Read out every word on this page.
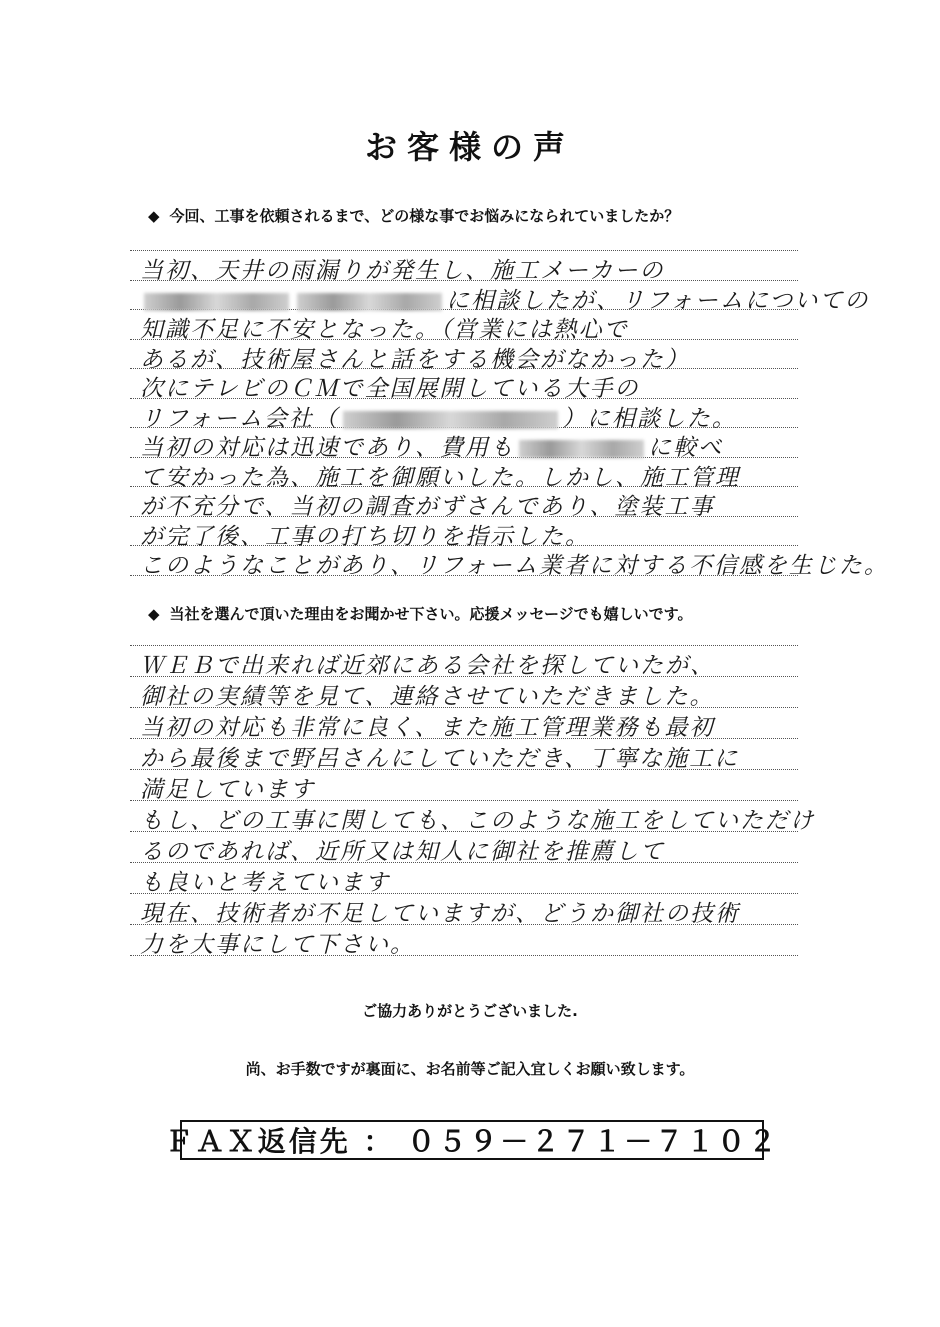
お客様の声
◆ 今回、工事を依頼されるまで、どの様な事でお悩みになられていましたか？
当初、天井の雨漏りが発生し、施工メーカーの
に相談したが、リフォームについての
知識不足に不安となった。（営業には熱心で
あるが、技術屋さんと話をする機会がなかった）
次にテレビのＣＭで全国展開している大手の
リフォーム会社（	）に相談した。
当初の対応は迅速であり、費用も	に較べ
て安かった為、施工を御願いした。しかし、施工管理
が不充分で、当初の調査がずさんであり、塗装工事
が完了後、工事の打ち切りを指示した。
このようなことがあり、リフォーム業者に対する不信感を生じた。
◆ 当社を選んで頂いた理由をお聞かせ下さい。応援メッセージでも嬉しいです。
ＷＥＢで出来れば近郊にある会社を探していたが、
御社の実績等を見て、連絡させていただきました。
当初の対応も非常に良く、また施工管理業務も最初
から最後まで野呂さんにしていただき、丁寧な施工に
満足しています
もし、どの工事に関しても、このような施工をしていただけ
るのであれば、近所又は知人に御社を推薦して
も良いと考えています
現在、技術者が不足していますが、どうか御社の技術
力を大事にして下さい。
ご協力ありがとうございました.
尚、お手数ですが裏面に、お名前等ご記入宜しくお願い致します。
ＦＡＸ返信先 ： ０５９－２７１－７１０２
